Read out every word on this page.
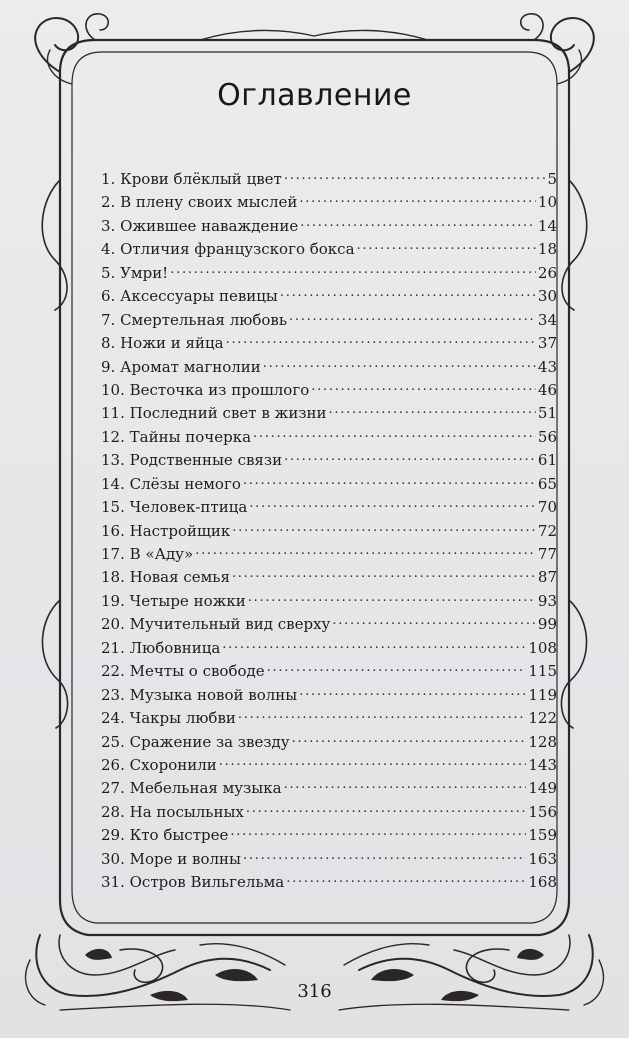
Оглавление
1. Крови блёклый цвет . . .	5
2. В плену своих мыслей . . .	10
3. Ожившее наваждение . . .	14
4. Отличия французского бокса . . .	18
5. Умри! . . .	26
6. Аксессуары певицы . . .	30
7. Смертельная любовь . . .	34
8. Ножи и яйца . . .	37
9. Аромат магнолии . . .	43
10. Весточка из прошлого . . .	46
11. Последний свет в жизни . . .	51
12. Тайны почерка . . .	56
13. Родственные связи . . .	61
14. Слёзы немого . . .	65
15. Человек-птица . . .	70
16. Настройщик . . .	72
17. В «Аду» . . .	77
18. Новая семья . . .	87
19. Четыре ножки . . .	93
20. Мучительный вид сверху . . .	99
21. Любовница . . .	108
22. Мечты о свободе . . .	115
23. Музыка новой волны . . .	119
24. Чакры любви . . .	122
25. Сражение за звезду . . .	128
26. Схоронили . . .	143
27. Мебельная музыка . . .	149
28. На посыльных . . .	156
29. Кто быстрее . . .	159
30. Море и волны . . .	163
31. Остров Вильгельма . . .	168
316
